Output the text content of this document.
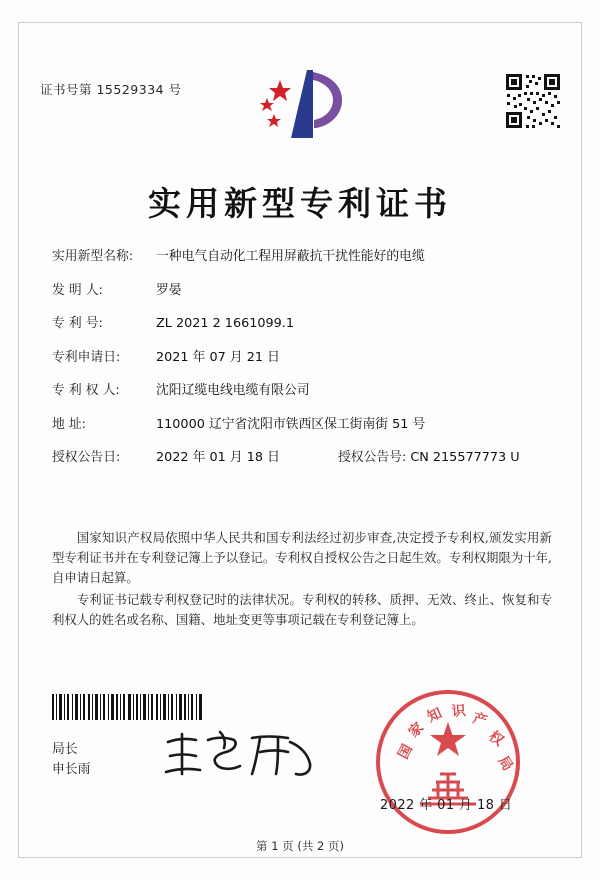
证书号第 15529334 号
实用新型专利证书
实用新型名称: 一种电气自动化工程用屏蔽抗干扰性能好的电缆
发 明 人:	罗晏
专 利 号:	ZL 2021 2 1661099.1
专利申请日:	2021 年 07 月 21 日
专 利 权 人:	沈阳辽缆电线电缆有限公司
地 址:	110000 辽宁省沈阳市铁西区保工街南街 51 号
授权公告日:	2022 年 01 月 18 日	授权公告号: CN 215577773 U

国家知识产权局依照中华人民共和国专利法经过初步审查,决定授予专利权,颁发实用新型专利证书并在专利登记簿上予以登记。专利权自授权公告之日起生效。专利权期限为十年,自申请日起算。

专利证书记载专利权登记时的法律状况。专利权的转移、质押、无效、终止、恢复和专利权人的姓名或名称、国籍、地址变更等事项记载在专利登记簿上。

局长
申长雨
国
家
知 识 产
权
局
2022 年 01 月 18 日
第 1 页 (共 2 页)
